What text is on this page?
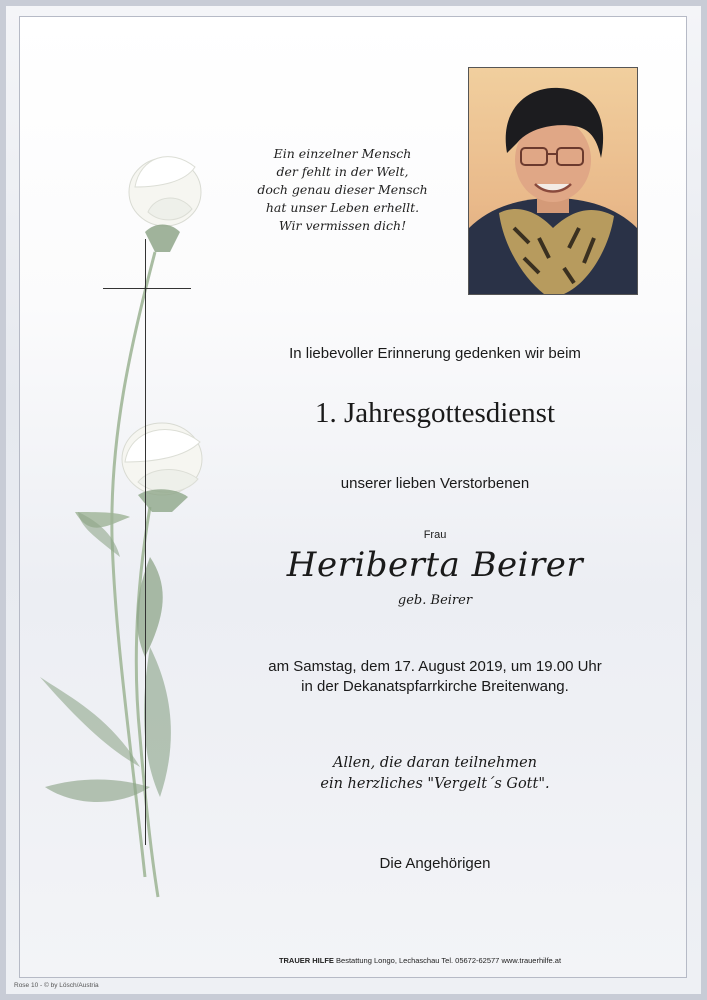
Ein einzelner Mensch
der fehlt in der Welt,
doch genau dieser Mensch
hat unser Leben erhellt.
Wir vermissen dich!
In liebevoller Erinnerung gedenken wir beim
1. Jahresgottesdienst
unserer lieben Verstorbenen
Frau
Heriberta Beirer
geb. Beirer
am Samstag, dem 17. August 2019, um 19.00 Uhr
in der Dekanatspfarrkirche Breitenwang.
Allen, die daran teilnehmen
ein herzliches "Vergelt´s Gott".
Die Angehörigen
TRAUER HILFE Bestattung Longo, Lechaschau Tel. 05672-62577 www.trauerhilfe.at
Rose 10 - © by Lösch/Austria
